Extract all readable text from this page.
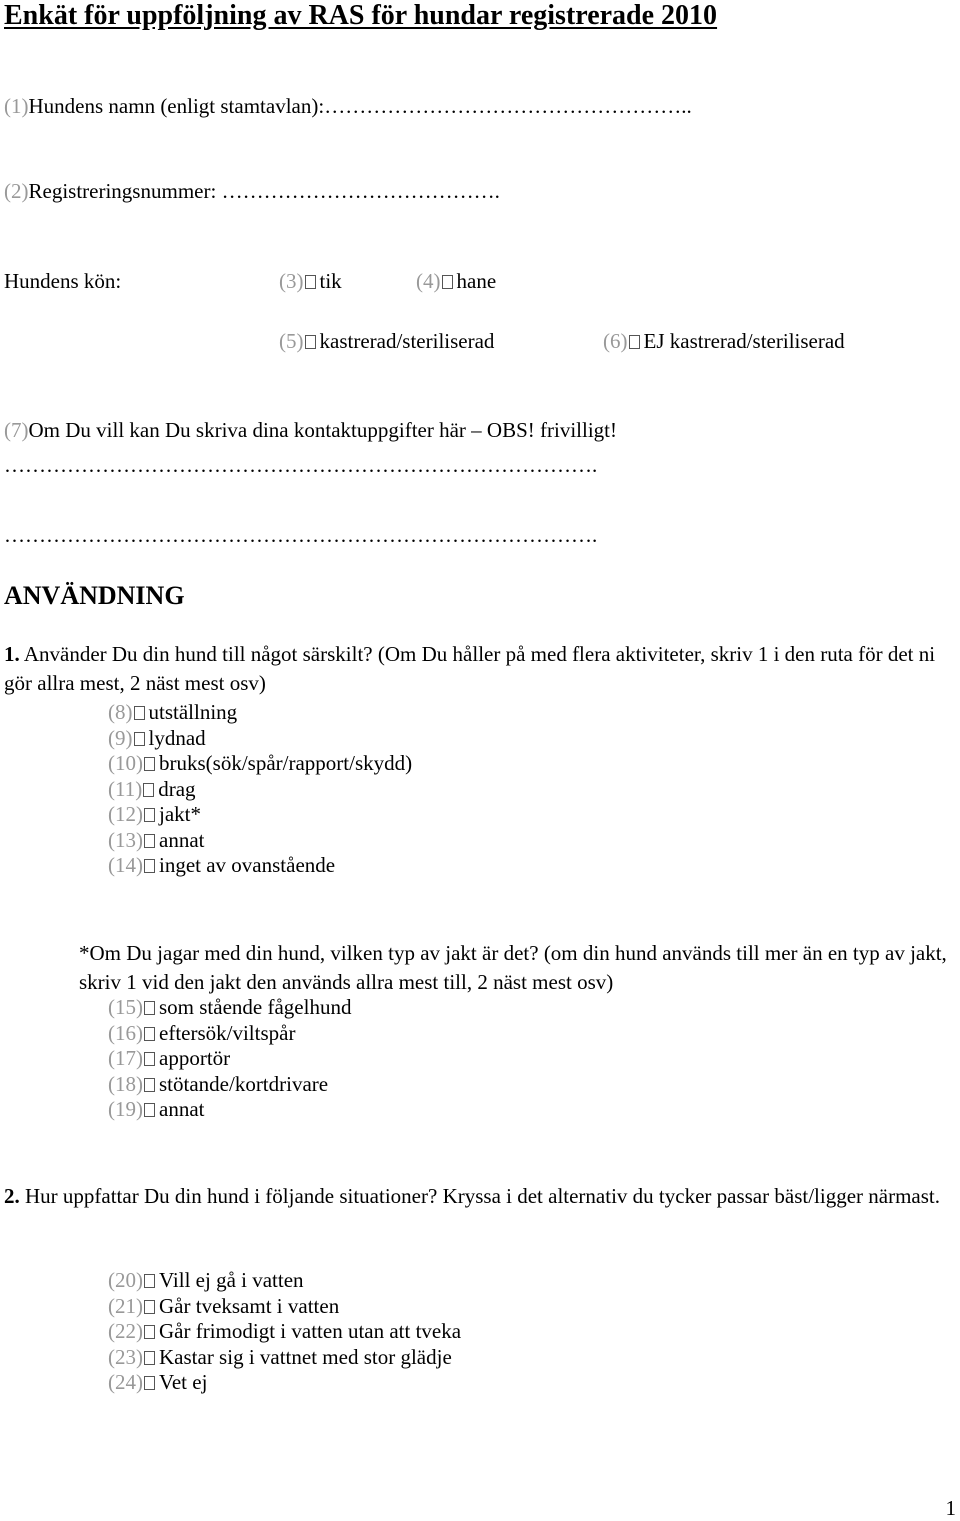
Enkät för uppföljning av RAS för hundar registrerade 2010
(1)Hundens namn (enligt stamtavlan):……………………………………………..
(2)Registreringsnummer: ………………………………….
Hundens kön:	(3) tik	(4) hane
(5) kastrerad/steriliserad	(6) EJ kastrerad/steriliserad
(7)Om Du vill kan Du skriva dina kontaktuppgifter här – OBS! frivilligt!
………………………………………………………………………….
………………………………………………………………………….
ANVÄNDNING
1. Använder Du din hund till något särskilt? (Om Du håller på med flera aktiviteter, skriv 1 i den ruta för det ni gör allra mest, 2 näst mest osv)
(8) utställning
(9) lydnad
(10) bruks(sök/spår/rapport/skydd)
(11) drag
(12) jakt*
(13) annat
(14) inget av ovanstående
*Om Du jagar med din hund, vilken typ av jakt är det? (om din hund används till mer än en typ av jakt, skriv 1 vid den jakt den används allra mest till, 2 näst mest osv)
(15) som stående fågelhund
(16) eftersök/viltspår
(17) apportör
(18) stötande/kortdrivare
(19) annat
2. Hur uppfattar Du din hund i följande situationer? Kryssa i det alternativ du tycker passar bäst/ligger närmast.
(20) Vill ej gå i vatten
(21) Går tveksamt i vatten
(22) Går frimodigt i vatten utan att tveka
(23) Kastar sig i vattnet med stor glädje
(24) Vet ej
1
